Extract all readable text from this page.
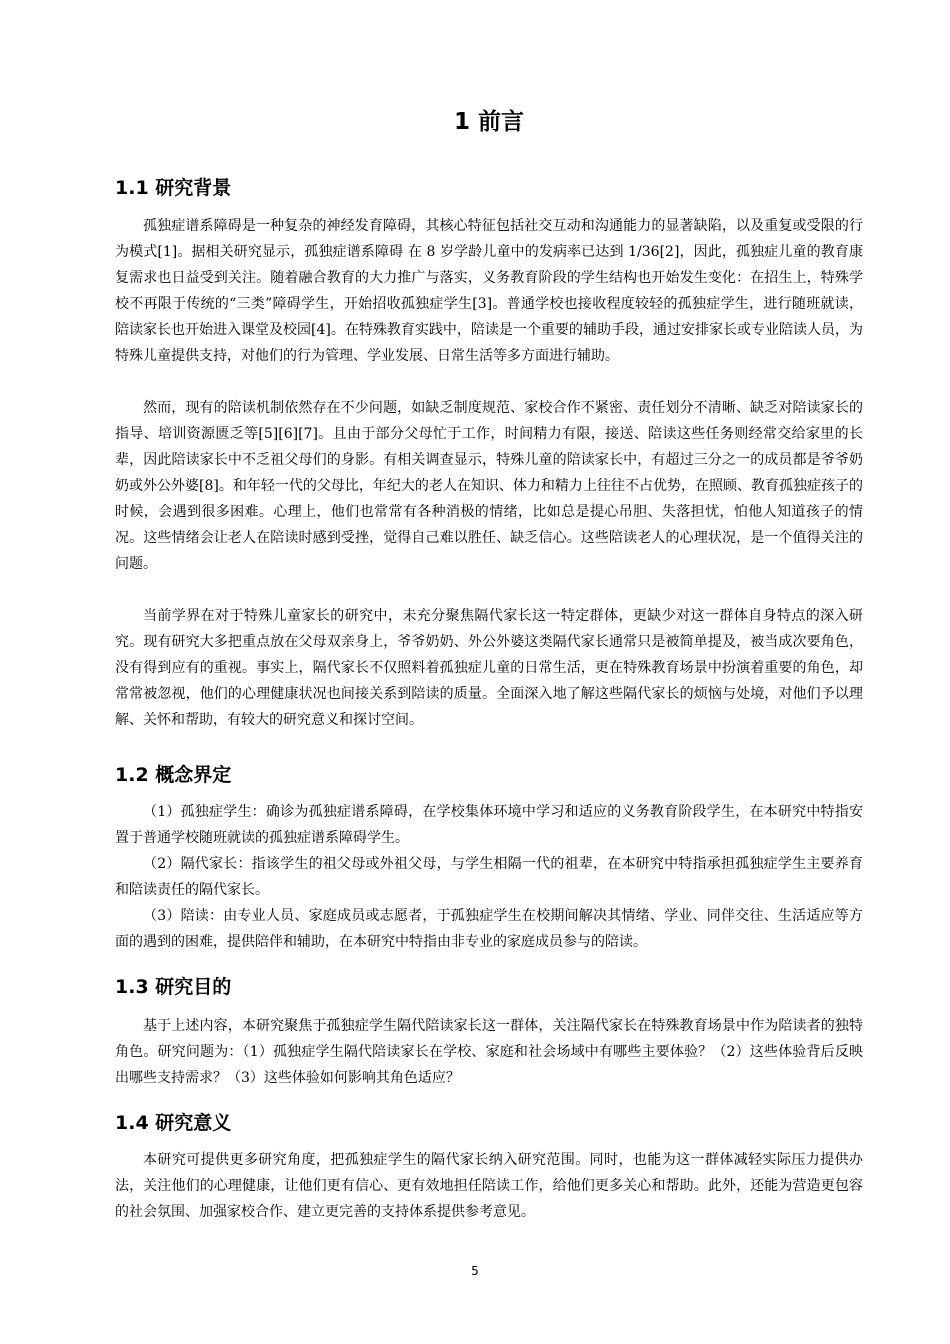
1 前言
1.1 研究背景

孤独症谱系障碍是一种复杂的神经发育障碍，其核心特征包括社交互动和沟通能力的显著缺陷，以及重复或受限的行为模式[1]。据相关研究显示，孤独症谱系障碍 在 8 岁学龄儿童中的发病率已达到 1/36[2]，因此，孤独症儿童的教育康复需求也日益受到关注。随着融合教育的大力推广与落实，义务教育阶段的学生结构也开始发生变化：在招生上，特殊学校不再限于传统的“三类”障碍学生，开始招收孤独症学生[3]。普通学校也接收程度较轻的孤独症学生，进行随班就读，陪读家长也开始进入课堂及校园[4]。在特殊教育实践中，陪读是一个重要的辅助手段，通过安排家长或专业陪读人员，为特殊儿童提供支持，对他们的行为管理、学业发展、日常生活等多方面进行辅助。

然而，现有的陪读机制依然存在不少问题，如缺乏制度规范、家校合作不紧密、责任划分不清晰、缺乏对陪读家长的指导、培训资源匮乏等[5][6][7]。且由于部分父母忙于工作，时间精力有限，接送、陪读这些任务则经常交给家里的长辈，因此陪读家长中不乏祖父母们的身影。有相关调查显示，特殊儿童的陪读家长中，有超过三分之一的成员都是爷爷奶奶或外公外婆[8]。和年轻一代的父母比，年纪大的老人在知识、体力和精力上往往不占优势，在照顾、教育孤独症孩子的时候，会遇到很多困难。心理上，他们也常常有各种消极的情绪，比如总是提心吊胆、失落担忧，怕他人知道孩子的情况。这些情绪会让老人在陪读时感到受挫，觉得自己难以胜任、缺乏信心。这些陪读老人的心理状况，是一个值得关注的问题。

当前学界在对于特殊儿童家长的研究中，未充分聚焦隔代家长这一特定群体，更缺少对这一群体自身特点的深入研究。现有研究大多把重点放在父母双亲身上，爷爷奶奶、外公外婆这类隔代家长通常只是被简单提及，被当成次要角色，没有得到应有的重视。事实上，隔代家长不仅照料着孤独症儿童的日常生活，更在特殊教育场景中扮演着重要的角色，却常常被忽视，他们的心理健康状况也间接关系到陪读的质量。全面深入地了解这些隔代家长的烦恼与处境，对他们予以理解、关怀和帮助，有较大的研究意义和探讨空间。

1.2 概念界定

（1）孤独症学生：确诊为孤独症谱系障碍，在学校集体环境中学习和适应的义务教育阶段学生，在本研究中特指安置于普通学校随班就读的孤独症谱系障碍学生。

（2）隔代家长：指该学生的祖父母或外祖父母，与学生相隔一代的祖辈，在本研究中特指承担孤独症学生主要养育和陪读责任的隔代家长。

（3）陪读：由专业人员、家庭成员或志愿者，于孤独症学生在校期间解决其情绪、学业、同伴交往、生活适应等方面的遇到的困难，提供陪伴和辅助，在本研究中特指由非专业的家庭成员参与的陪读。

1.3 研究目的

基于上述内容，本研究聚焦于孤独症学生隔代陪读家长这一群体，关注隔代家长在特殊教育场景中作为陪读者的独特角色。研究问题为：（1）孤独症学生隔代陪读家长在学校、家庭和社会场域中有哪些主要体验？（2）这些体验背后反映出哪些支持需求？（3）这些体验如何影响其角色适应？

1.4 研究意义

本研究可提供更多研究角度，把孤独症学生的隔代家长纳入研究范围。同时，也能为这一群体减轻实际压力提供办法，关注他们的心理健康，让他们更有信心、更有效地担任陪读工作，给他们更多关心和帮助。此外，还能为营造更包容的社会氛围、加强家校合作、建立更完善的支持体系提供参考意见。

5
